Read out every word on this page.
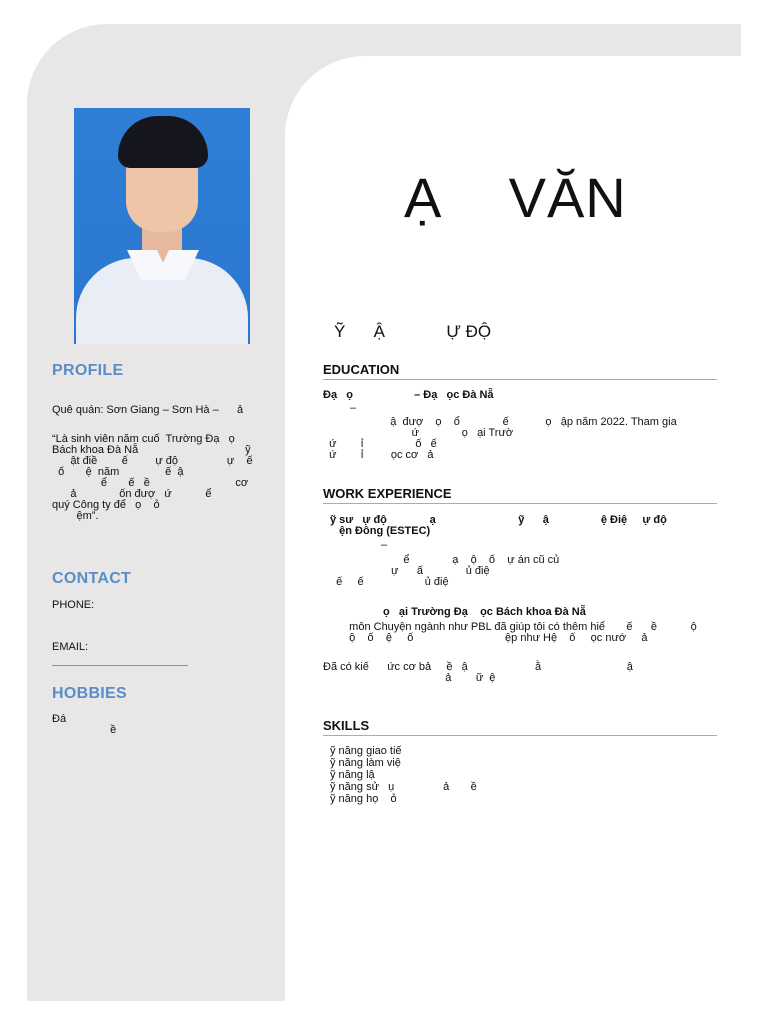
PROFILE
Quê quán: Sơn Giang – Sơn Hà –      ả
“Là sinh viên năm cuố  Trường Đạ   ọ
Bách khoa Đà Nẵ                                   ỹ
ật điề        ế         ự độ                ự    ế
ố       ệ  năm               ế  ậ
ể       ế   ề                            cơ
ả              ốn đượ   ứ           ể
quý Công ty để   ọ    ỏ
ệm”.
CONTACT
PHONE:
EMAIL:
HOBBIES
Đá
ề
Ạ    VĂN
Ỹ      Ậ             Ự ĐỘ
EDUCATION
Đạ   ọ                    – Đạ   ọc Đà Nẵ
–
ậ  đượ    ọ    ổ              ế            ọ   ập năm 2022. Tham gia
ứ              ọ   ại Trườ
ứ        ỉ                 ố   ế
ứ        ỉ         ọc cơ   ả
WORK EXPERIENCE
ỹ sư   ự độ              ạ                           ỹ      ậ                 ệ Điệ     ự độ
ện Đông (ESTEC)
–
ể              ạ    ộ    ố    ự án cũ củ
ự      ấ              ủ điệ
ế     ế                    ủ điệ
ọ   ại Trường Đạ    ọc Bách khoa Đà Nẵ
môn Chuyện ngành như PBL đã giúp tôi có thêm hiể       ế      ề           ộ
ộ    ố    ệ     ố                              ệp như Hệ    ố     ọc nướ     ả
Đã có kiế      ức cơ bả     ề   ậ                      ằ                            ậ
ả        ữ  ệ
SKILLS
ỹ năng giao tiế
ỹ năng làm việ
ỹ năng lậ
ỹ năng sử   ụ                ả       ề
ỹ năng họ    ỏ
